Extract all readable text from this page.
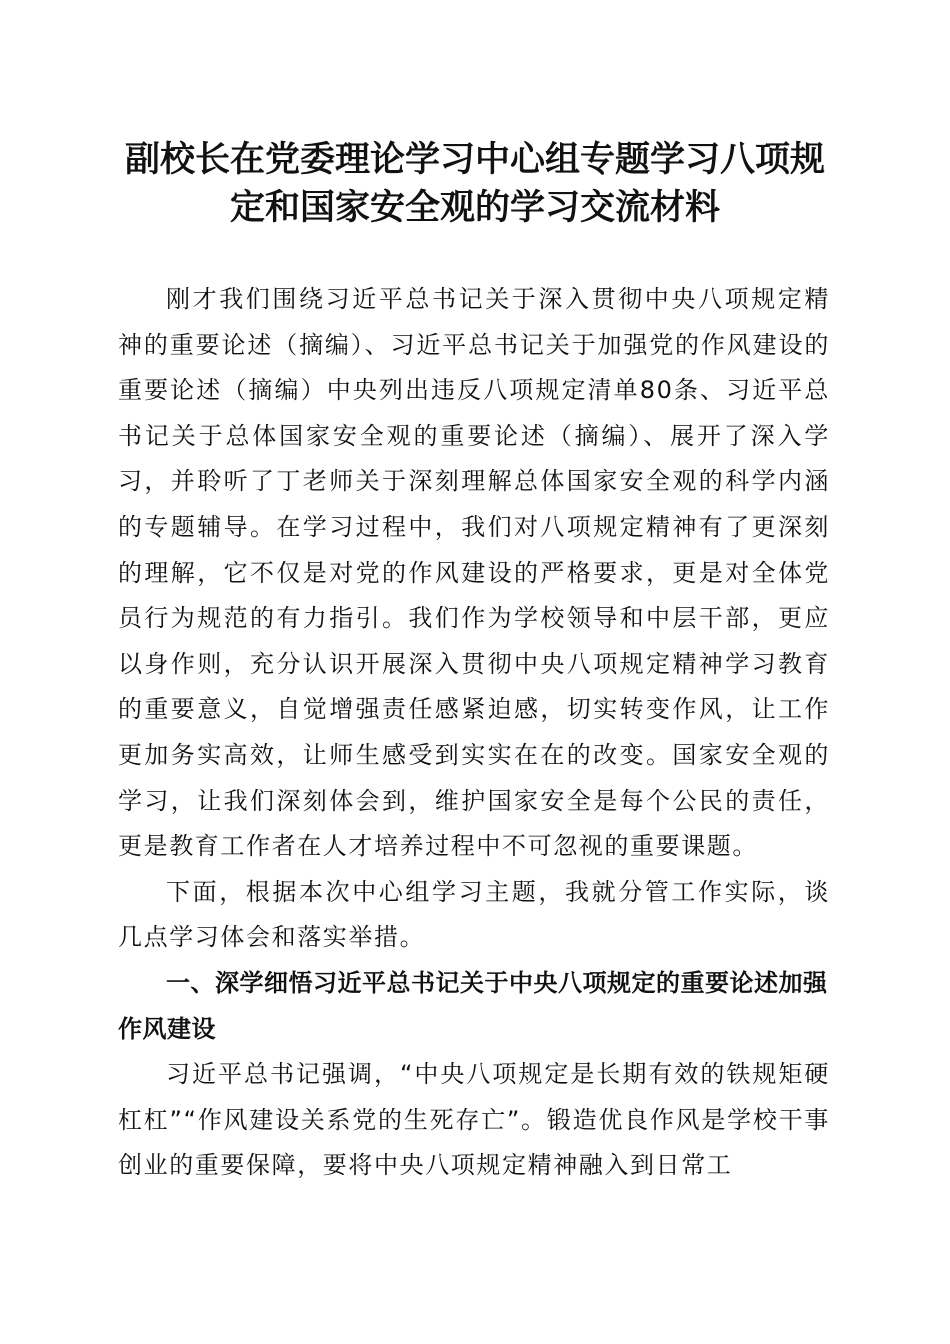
副校长在党委理论学习中心组专题学习八项规
定和国家安全观的学习交流材料

刚才我们围绕习近平总书记关于深入贯彻中央八项规定精神的重要论述（摘编）、习近平总书记关于加强党的作风建设的重要论述（摘编）中央列出违反八项规定清单80条、习近平总书记关于总体国家安全观的重要论述（摘编）、展开了深入学习，并聆听了丁老师关于深刻理解总体国家安全观的科学内涵的专题辅导。在学习过程中，我们对八项规定精神有了更深刻的理解，它不仅是对党的作风建设的严格要求，更是对全体党员行为规范的有力指引。我们作为学校领导和中层干部，更应以身作则，充分认识开展深入贯彻中央八项规定精神学习教育的重要意义，自觉增强责任感紧迫感，切实转变作风，让工作更加务实高效，让师生感受到实实在在的改变。国家安全观的学习，让我们深刻体会到，维护国家安全是每个公民的责任，更是教育工作者在人才培养过程中不可忽视的重要课题。

下面，根据本次中心组学习主题，我就分管工作实际，谈几点学习体会和落实举措。

一、深学细悟习近平总书记关于中央八项规定的重要论述加强作风建设

习近平总书记强调，“中央八项规定是长期有效的铁规矩硬杠杠”“作风建设关系党的生死存亡”。锻造优良作风是学校干事创业的重要保障，要将中央八项规定精神融入到日常工
